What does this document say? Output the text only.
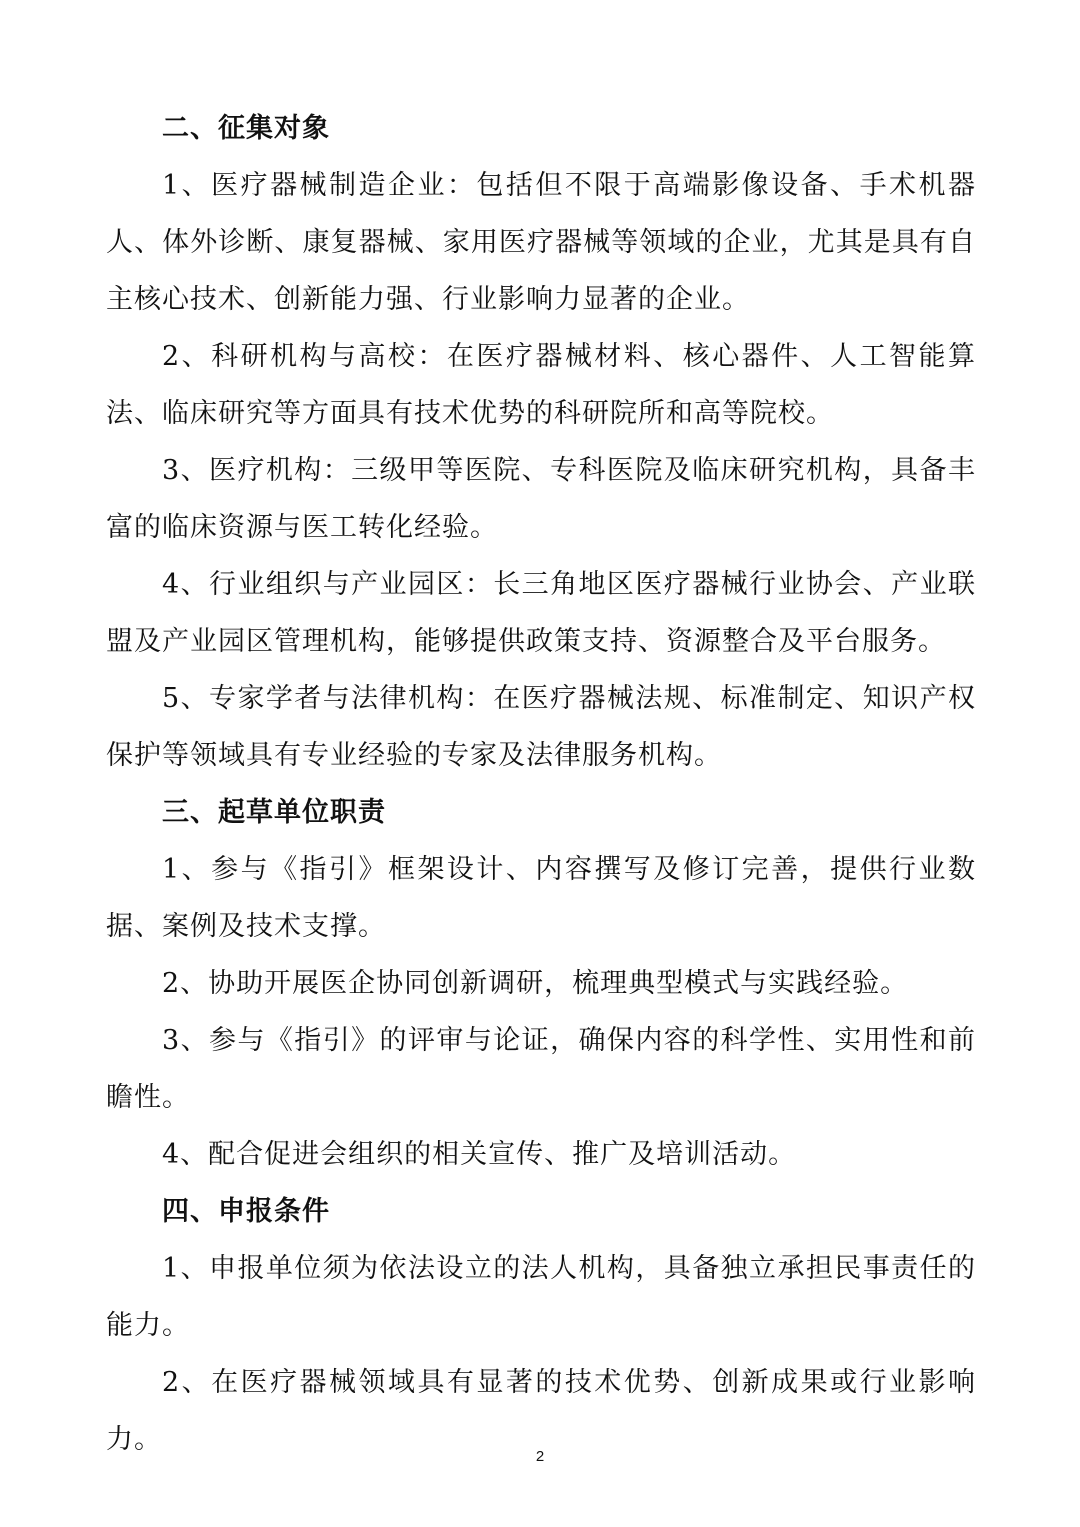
二、征集对象

1、医疗器械制造企业：包括但不限于高端影像设备、手术机器人、体外诊断、康复器械、家用医疗器械等领域的企业，尤其是具有自主核心技术、创新能力强、行业影响力显著的企业。

2、科研机构与高校：在医疗器械材料、核心器件、人工智能算法、临床研究等方面具有技术优势的科研院所和高等院校。

3、医疗机构：三级甲等医院、专科医院及临床研究机构，具备丰富的临床资源与医工转化经验。

4、行业组织与产业园区：长三角地区医疗器械行业协会、产业联盟及产业园区管理机构，能够提供政策支持、资源整合及平台服务。

5、专家学者与法律机构：在医疗器械法规、标准制定、知识产权保护等领域具有专业经验的专家及法律服务机构。

三、起草单位职责

1、参与《指引》框架设计、内容撰写及修订完善，提供行业数据、案例及技术支撑。

2、协助开展医企协同创新调研，梳理典型模式与实践经验。

3、参与《指引》的评审与论证，确保内容的科学性、实用性和前瞻性。

4、配合促进会组织的相关宣传、推广及培训活动。

四、申报条件

1、申报单位须为依法设立的法人机构，具备独立承担民事责任的能力。

2、在医疗器械领域具有显著的技术优势、创新成果或行业影响力。

2
